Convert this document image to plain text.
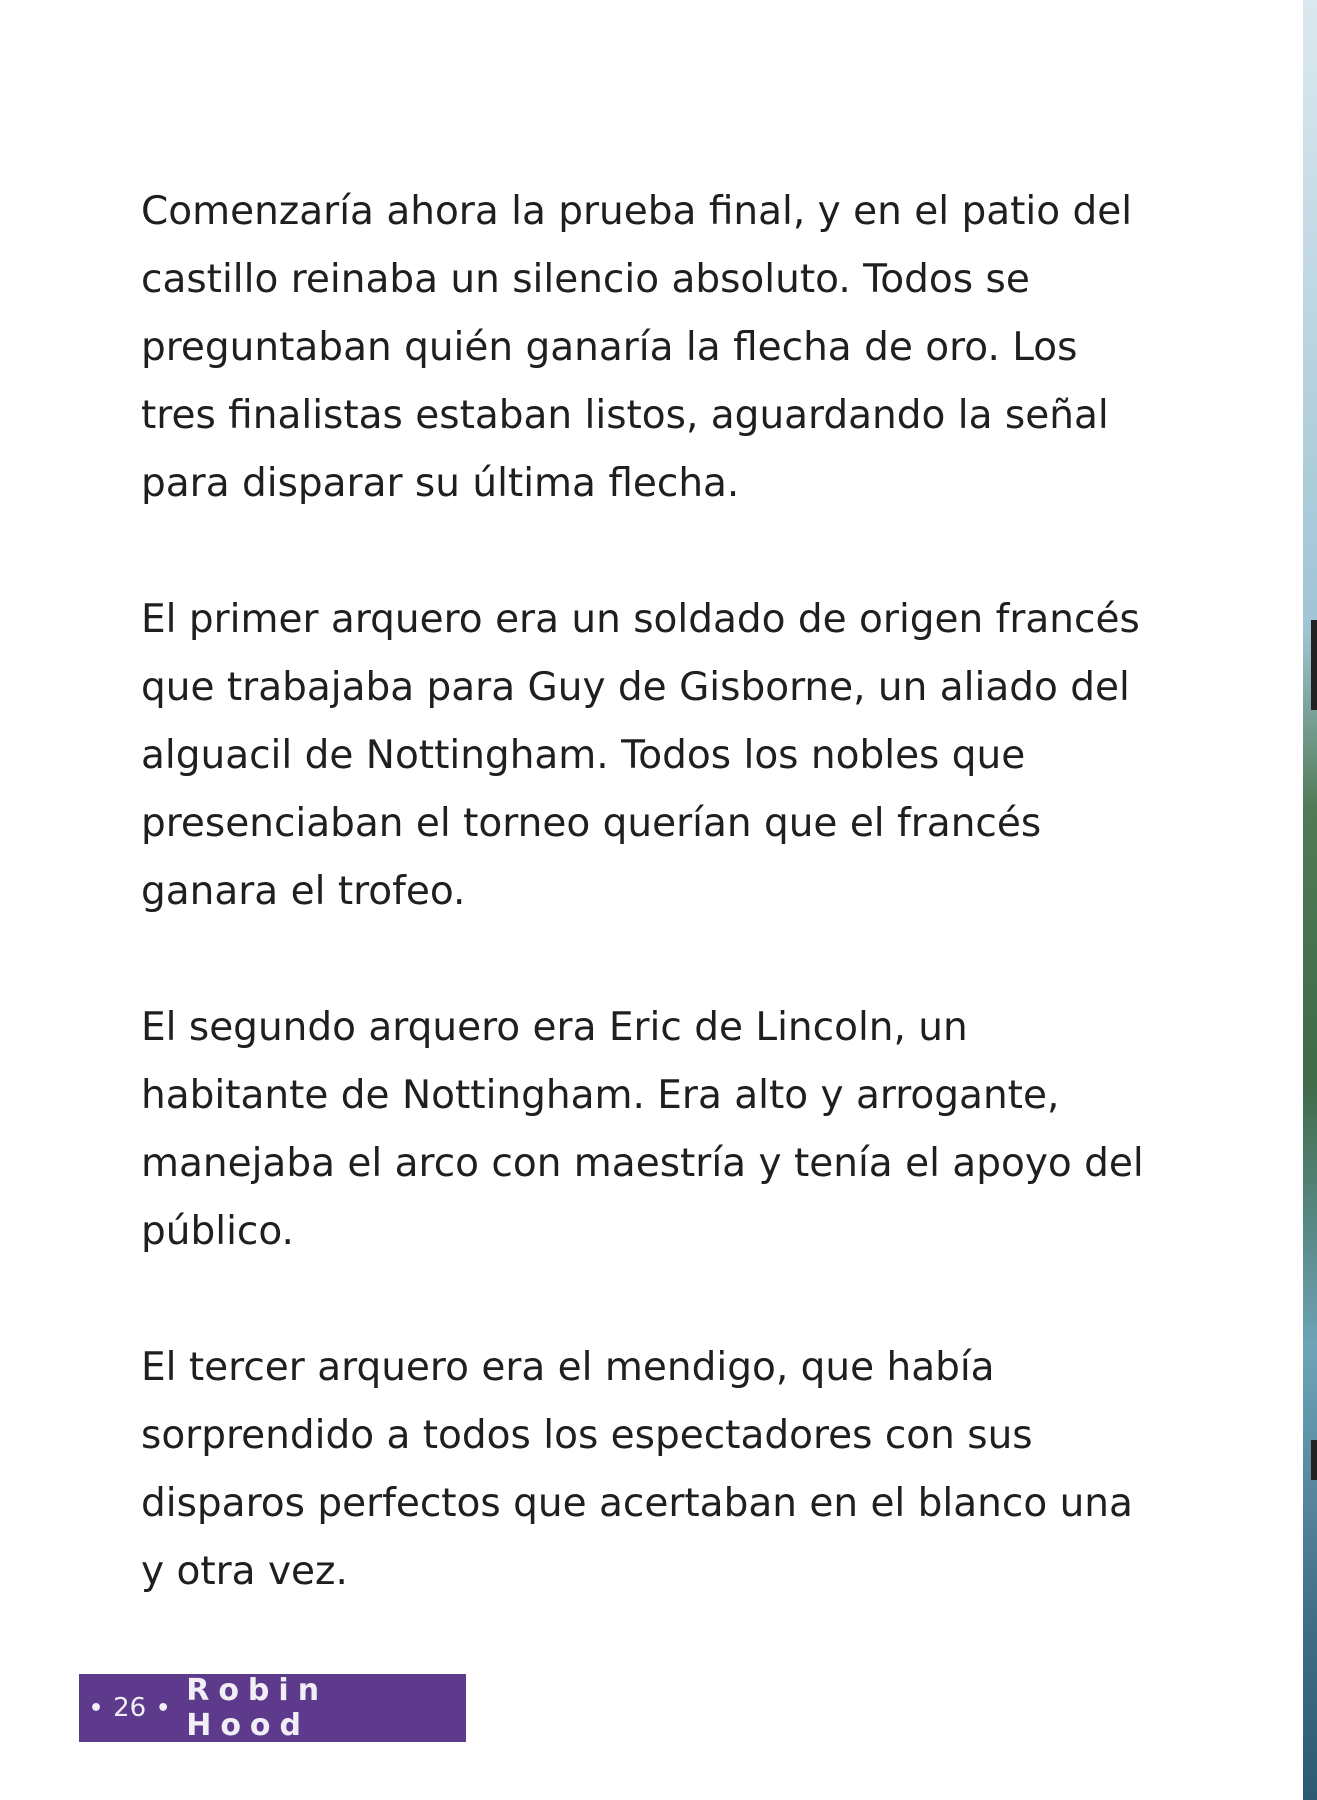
Comenzaría ahora la prueba final, y en el patio del castillo reinaba un silencio absoluto. Todos se preguntaban quién ganaría la flecha de oro. Los tres finalistas estaban listos, aguardando la señal para disparar su última flecha.

El primer arquero era un soldado de origen francés que trabajaba para Guy de Gisborne, un aliado del alguacil de Nottingham. Todos los nobles que presenciaban el torneo querían que el francés ganara el trofeo.

El segundo arquero era Eric de Lincoln, un habitante de Nottingham. Era alto y arrogante, manejaba el arco con maestría y tenía el apoyo del público.

El tercer arquero era el mendigo, que había sorprendido a todos los espectadores con sus disparos perfectos que acertaban en el blanco una y otra vez.

• 26 • Robin Hood
